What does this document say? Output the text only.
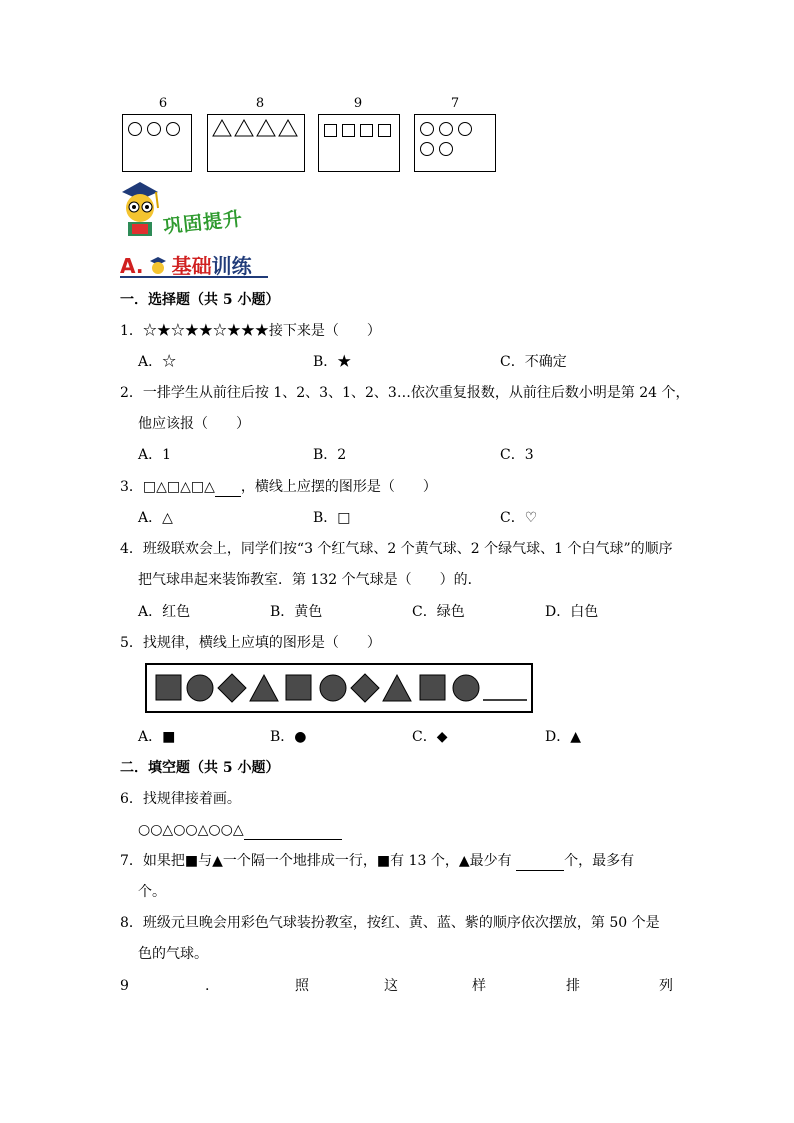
6
	8	9
	7

巩固提升
A. 基础训练
一．选择题（共 5 小题）
1．☆★☆★★☆★★★接下来是（　　）
A．☆	B．★	C．不确定
2．一排学生从前往后按 1、2、3、1、2、3…依次重复报数，从前往后数小明是第 24 个，
他应该报（　　）
A．1	B．2	C．3
3．□△□△□△ ，横线上应摆的图形是（　　）
A．△	B．□	C．♡
4．班级联欢会上，同学们按“3 个红气球、2 个黄气球、2 个绿气球、1 个白气球”的顺序
把气球串起来装饰教室．第 132 个气球是（　　）的．
A．红色	B．黄色	C．绿色	D．白色
5．找规律，横线上应填的图形是（　　）
A．■	B．●	C．◆	D．▲
二．填空题（共 5 小题）
6．找规律接着画。
○○△○○△○○△
7．如果把■与▲一个隔一个地排成一行，■有 13 个，▲最少有	个，最多有
个。
8．班级元旦晚会用彩色气球装扮教室，按红、黄、蓝、紫的顺序依次摆放，第 50 个是
色的气球。
9	.	照	这	样	排	列
